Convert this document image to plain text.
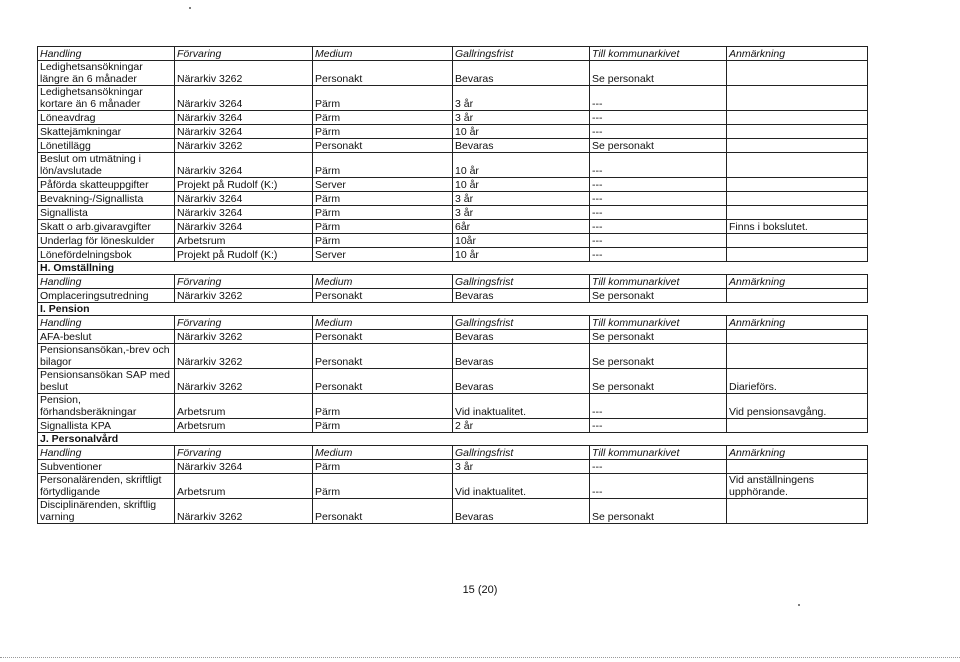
Handling	Förvaring	Medium	Gallringsfrist	Till kommunarkivet	Anmärkning
Ledighetsansökningar längre än 6 månader	Närarkiv 3262	Personakt	Bevaras	Se personakt	
Ledighetsansökningar kortare än 6 månader	Närarkiv 3264	Pärm	3 år	---	
Löneavdrag	Närarkiv 3264	Pärm	3 år	---	
Skattejämkningar	Närarkiv 3264	Pärm	10 år	---	
Lönetillägg	Närarkiv 3262	Personakt	Bevaras	Se personakt	
Beslut om utmätning i lön/avslutade	Närarkiv 3264	Pärm	10 år	---	
Påförda skatteuppgifter	Projekt på Rudolf (K:)	Server	10 år	---	
Bevakning-/Signallista	Närarkiv 3264	Pärm	3 år	---	
Signallista	Närarkiv 3264	Pärm	3 år	---	
Skatt o arb.givaravgifter	Närarkiv 3264	Pärm	6år	---	Finns i bokslutet.
Underlag för löneskulder	Arbetsrum	Pärm	10år	---	
Lönefördelningsbok	Projekt på Rudolf (K:)	Server	10 år	---	
H. Omställning					
Handling	Förvaring	Medium	Gallringsfrist	Till kommunarkivet	Anmärkning
Omplaceringsutredning	Närarkiv 3262	Personakt	Bevaras	Se personakt	
I. Pension					
Handling	Förvaring	Medium	Gallringsfrist	Till kommunarkivet	Anmärkning
AFA-beslut	Närarkiv 3262	Personakt	Bevaras	Se personakt	
Pensionsansökan,-brev och bilagor	Närarkiv 3262	Personakt	Bevaras	Se personakt	
Pensionsansökan SAP med beslut	Närarkiv 3262	Personakt	Bevaras	Se personakt	Diarieförs.
Pension, förhandsberäkningar	Arbetsrum	Pärm	Vid inaktualitet.	---	Vid pensionsavgång.
Signallista KPA	Arbetsrum	Pärm	2 år	---	
J. Personalvård					
Handling	Förvaring	Medium	Gallringsfrist	Till kommunarkivet	Anmärkning
Subventioner	Närarkiv 3264	Pärm	3 år	---	
Personalärenden, skriftligt förtydligande	Arbetsrum	Pärm	Vid inaktualitet.	---	Vid anställningens upphörande.
Disciplinärenden, skriftlig varning	Närarkiv 3262	Personakt	Bevaras	Se personakt	
15 (20)
